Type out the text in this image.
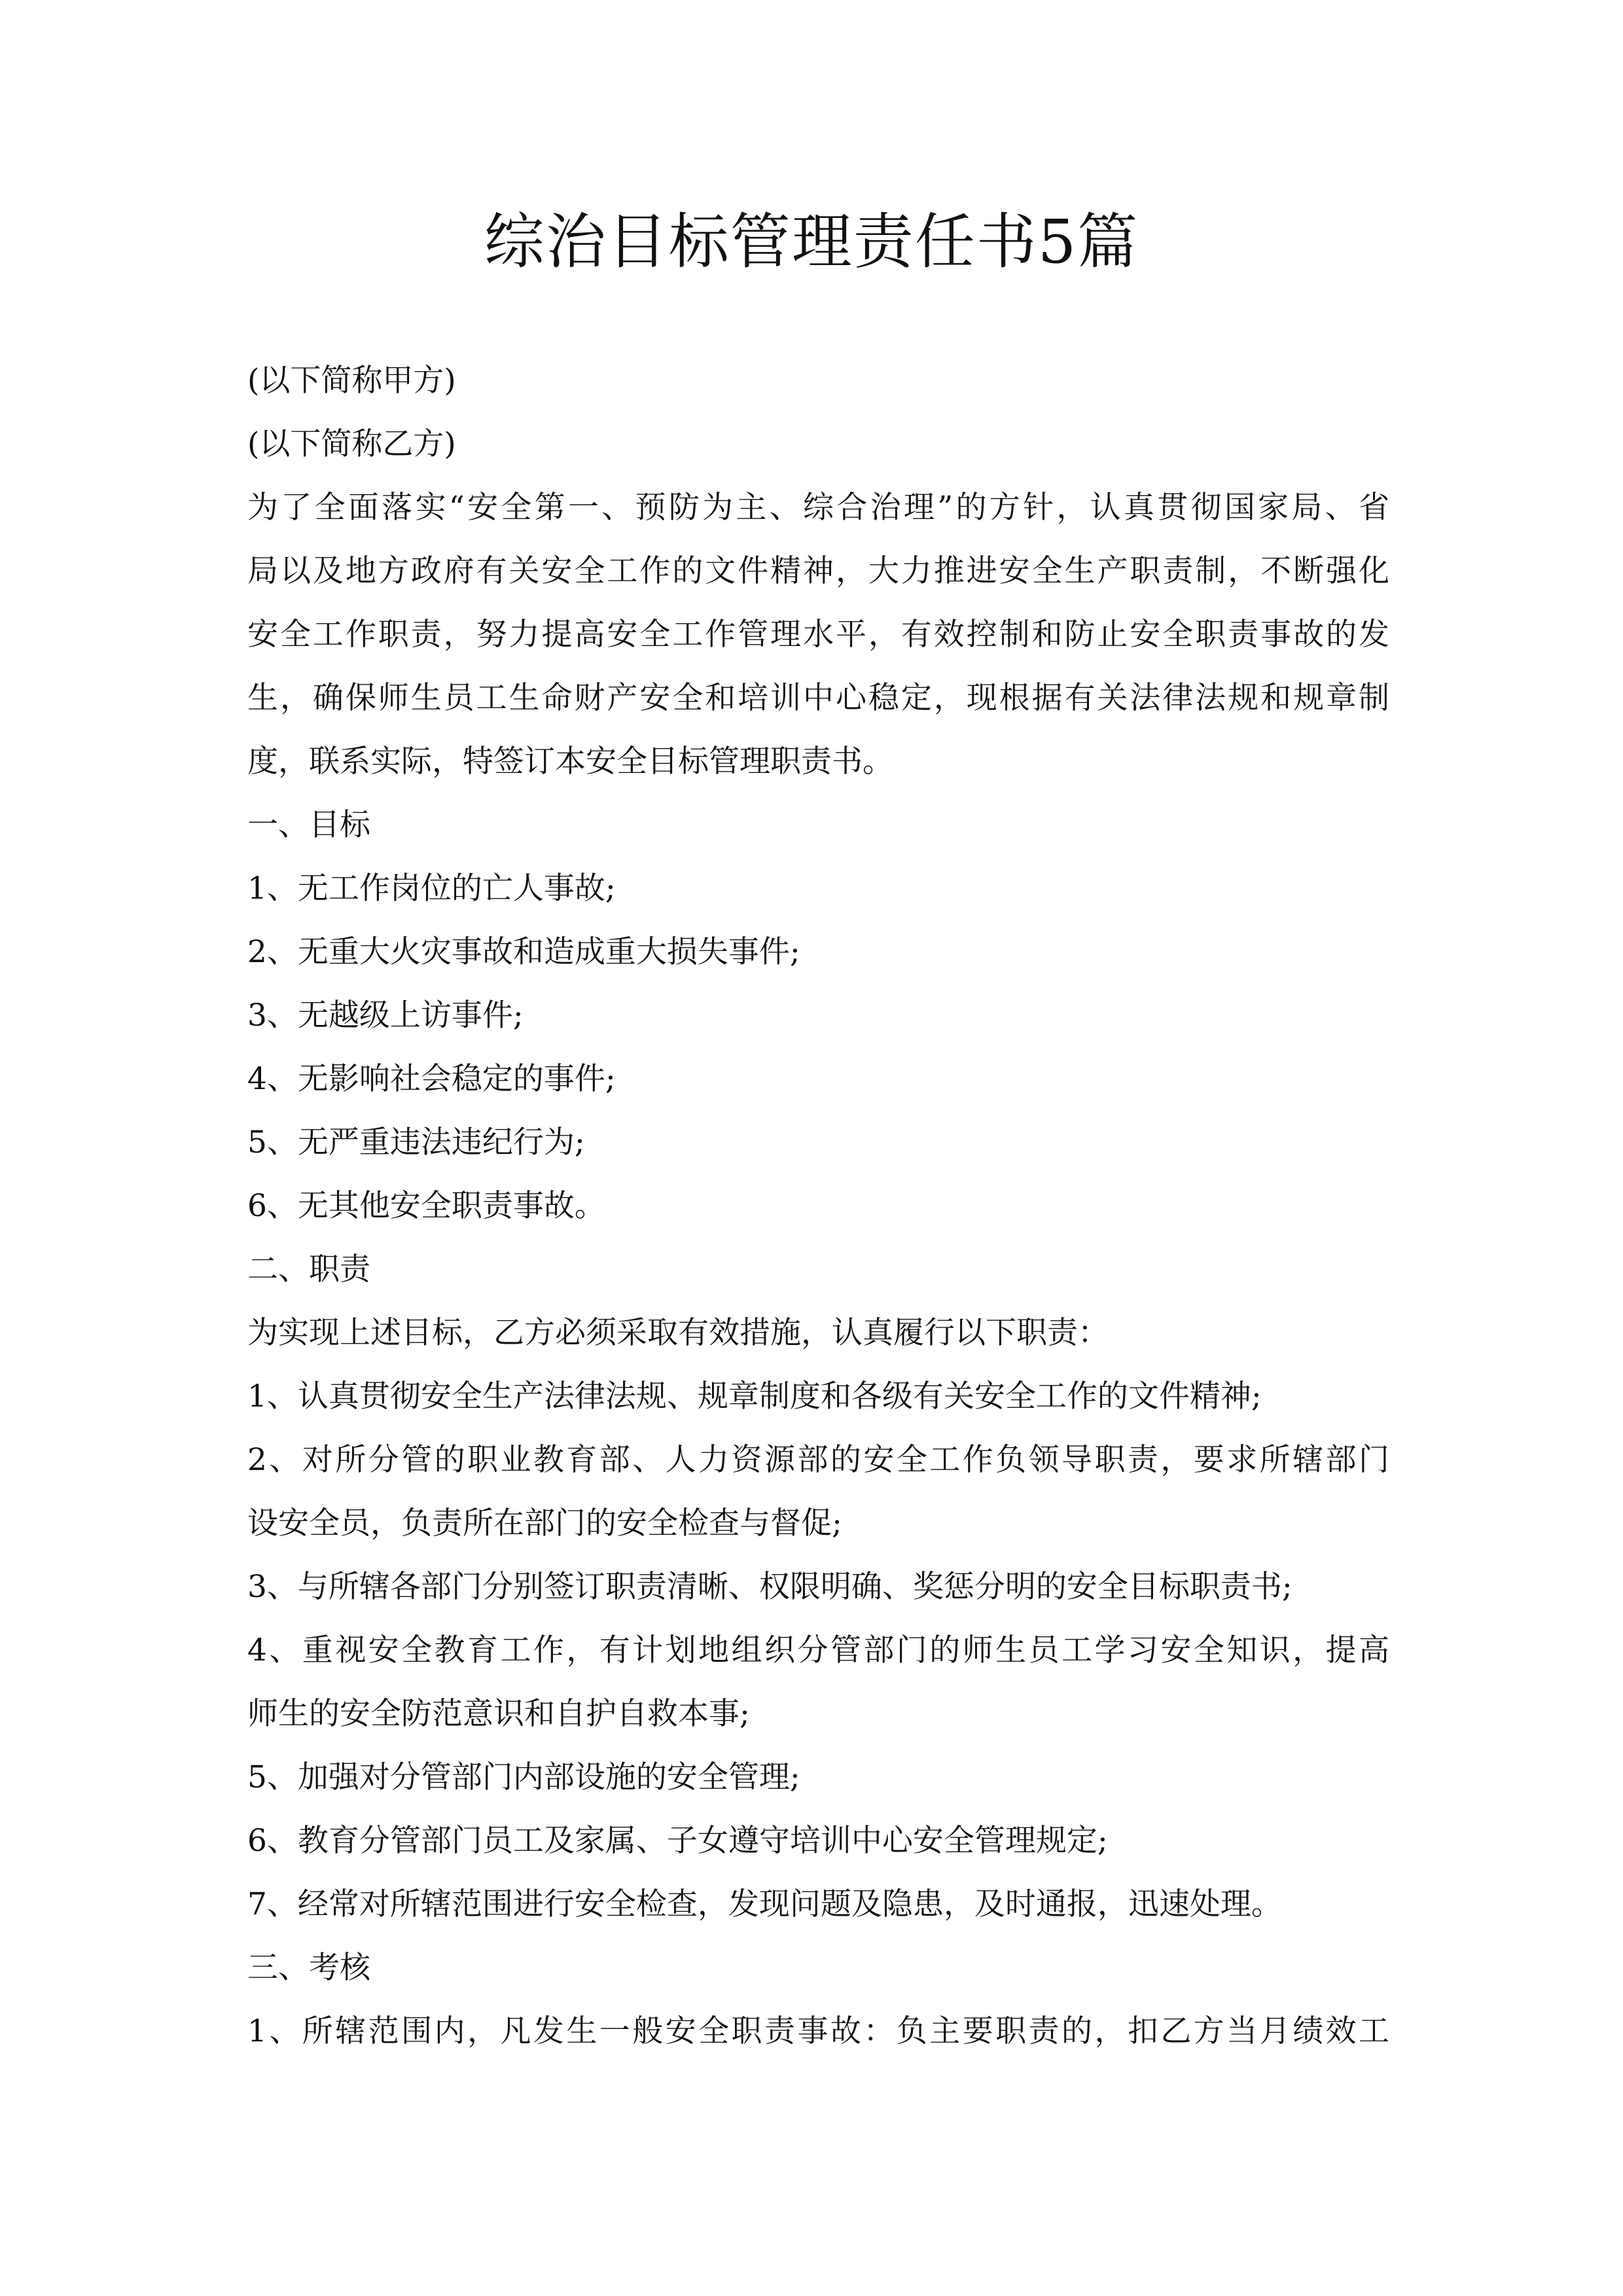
综治目标管理责任书5篇
(以下简称甲方)
(以下简称乙方)
为了全面落实“安全第一、预防为主、综合治理”的方针，认真贯彻国家局、省
局以及地方政府有关安全工作的文件精神，大力推进安全生产职责制，不断强化
安全工作职责，努力提高安全工作管理水平，有效控制和防止安全职责事故的发
生，确保师生员工生命财产安全和培训中心稳定，现根据有关法律法规和规章制
度，联系实际，特签订本安全目标管理职责书。
一、目标
1、无工作岗位的亡人事故;
2、无重大火灾事故和造成重大损失事件;
3、无越级上访事件;
4、无影响社会稳定的事件;
5、无严重违法违纪行为;
6、无其他安全职责事故。
二、职责
为实现上述目标，乙方必须采取有效措施，认真履行以下职责：
1、认真贯彻安全生产法律法规、规章制度和各级有关安全工作的文件精神;
2、对所分管的职业教育部、人力资源部的安全工作负领导职责，要求所辖部门
设安全员，负责所在部门的安全检查与督促;
3、与所辖各部门分别签订职责清晰、权限明确、奖惩分明的安全目标职责书;
4、重视安全教育工作，有计划地组织分管部门的师生员工学习安全知识，提高
师生的安全防范意识和自护自救本事;
5、加强对分管部门内部设施的安全管理;
6、教育分管部门员工及家属、子女遵守培训中心安全管理规定;
7、经常对所辖范围进行安全检查，发现问题及隐患，及时通报，迅速处理。
三、考核
1、所辖范围内，凡发生一般安全职责事故：负主要职责的，扣乙方当月绩效工
